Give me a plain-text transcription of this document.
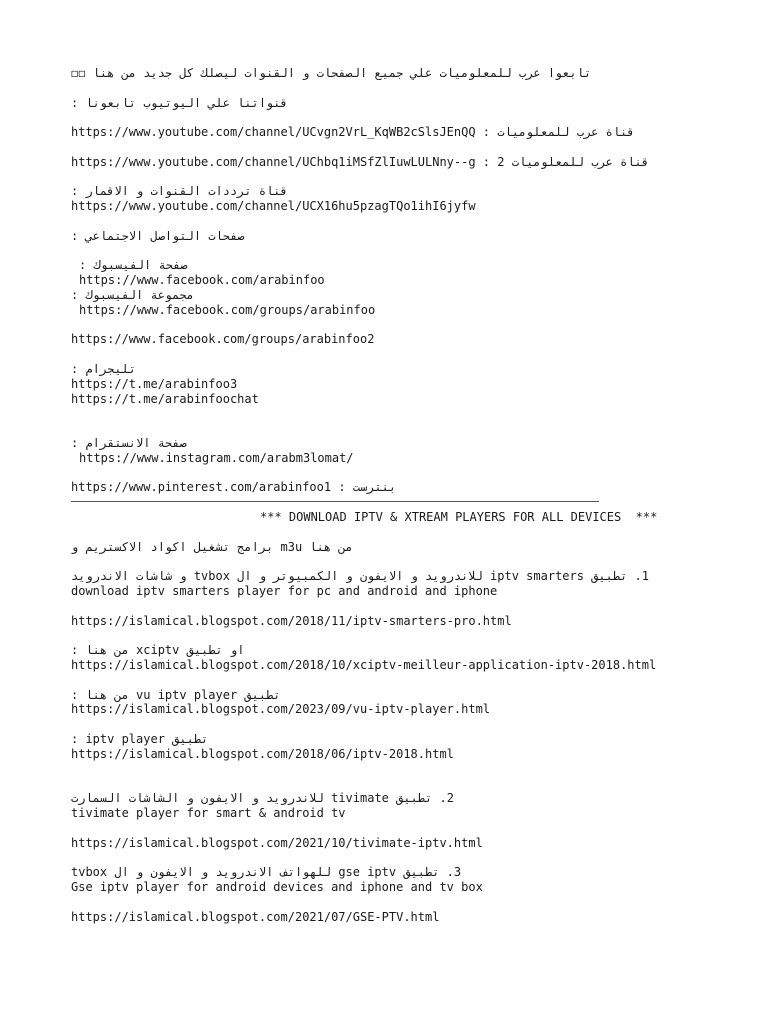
تابعوا عرب للمعلوميات علي جميع الصفحات و القنوات ليصلك كل جديد من هنا ◻◻
قنواتنا علي اليوتيوب تابعونا :
قناة عرب للمعلوميات : https://www.youtube.com/channel/UCvgn2VrL_KqWB2cSlsJEnQQ
قناة عرب للمعلوميات 2 : https://www.youtube.com/channel/UChbq1iMSfZlIuwLULNny--g
قناة ترددات القنوات و الاقمار :
https://www.youtube.com/channel/UCX16hu5pzagTQo1ihI6jyfw
صفحات التواصل الاجتماعي :
صفحة الفيسبوك :
https://www.facebook.com/arabinfoo
مجموعة الفيسبوك :
https://www.facebook.com/groups/arabinfoo
https://www.facebook.com/groups/arabinfoo2
تليجرام :
https://t.me/arabinfoo3
https://t.me/arabinfoochat
صفحة الانستقرام :
https://www.instagram.com/arabm3lomat/
بنترست : https://www.pinterest.com/arabinfoo1
*** DOWNLOAD IPTV & XTREAM PLAYERS FOR ALL DEVICES  ***
من هنا m3u برامج تشغيل اكواد الاكستريم و
1. تطبيق iptv smarters للاندرويد و الايفون و الكمبيوتر و ال tvbox و شاشات الاندرويد
download iptv smarters player for pc and android and iphone
https://islamical.blogspot.com/2018/11/iptv-smarters-pro.html
او تطبيق xciptv من هنا :
https://islamical.blogspot.com/2018/10/xciptv-meilleur-application-iptv-2018.html
تطبيق vu iptv player من هنا :
https://islamical.blogspot.com/2023/09/vu-iptv-player.html
تطبيق iptv player :
https://islamical.blogspot.com/2018/06/iptv-2018.html
2. تطبيق tivimate للاندرويد و الايفون و الشاشات السمارت
tivimate player for smart & android tv
https://islamical.blogspot.com/2021/10/tivimate-iptv.html
3. تطبيق gse iptv للهواتف الاندرويد و الايفون و ال tvbox
Gse iptv player for android devices and iphone and tv box
https://islamical.blogspot.com/2021/07/GSE-PTV.html
